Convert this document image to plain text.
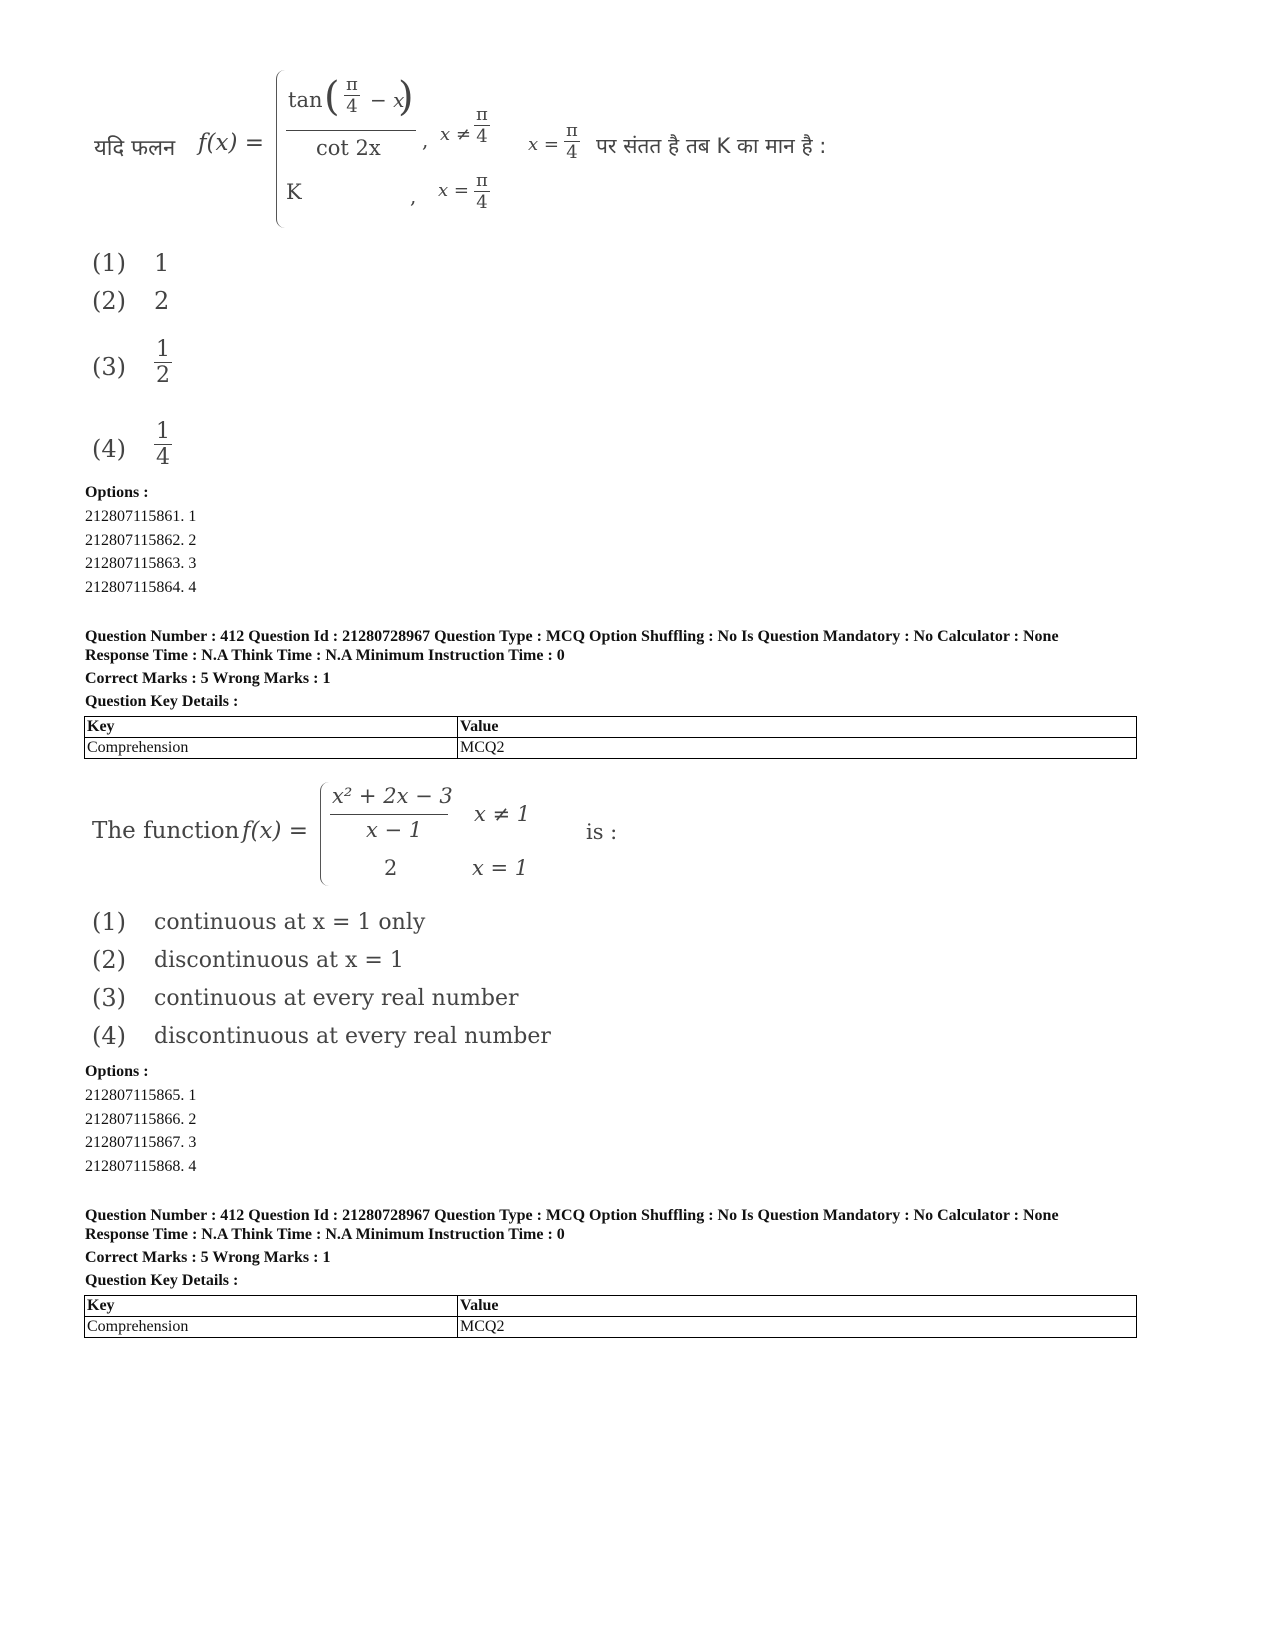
यदि फलन f(x) =
tan ( $\frac{\pi}{4} - x$
)
cot 2x , $x \ne \frac{\pi}{4}$
K	, $x = \frac{\pi}{4}$
$x = \frac{\pi}{4}$ पर संतत है तब K का मान है :
(1) 1
(2) 2
$(3) \frac{1}{2}$
$(4) \frac{1}{4}$
Options :
212807115861. 1
212807115862. 2
212807115863. 3
212807115864. 4
Question Number : 412 Question Id : 21280728967 Question Type : MCQ Option Shuffling : No Is Question Mandatory : No Calculator : None
Response Time : N.A Think Time : N.A Minimum Instruction Time : 0
Correct Marks : 5 Wrong Marks : 1
Question Key Details :
Key	Value
Comprehension	MCQ2
The function f(x) =
x² + 2x − 3
x − 1
x ≠ 1
2	x = 1
is :
(1) continuous at x = 1 only
(2) discontinuous at x = 1
(3) continuous at every real number
(4) discontinuous at every real number
Options :
212807115865. 1
212807115866. 2
212807115867. 3
212807115868. 4
Question Number : 412 Question Id : 21280728967 Question Type : MCQ Option Shuffling : No Is Question Mandatory : No Calculator : None
Response Time : N.A Think Time : N.A Minimum Instruction Time : 0
Correct Marks : 5 Wrong Marks : 1
Question Key Details :
Key	Value
Comprehension	MCQ2
